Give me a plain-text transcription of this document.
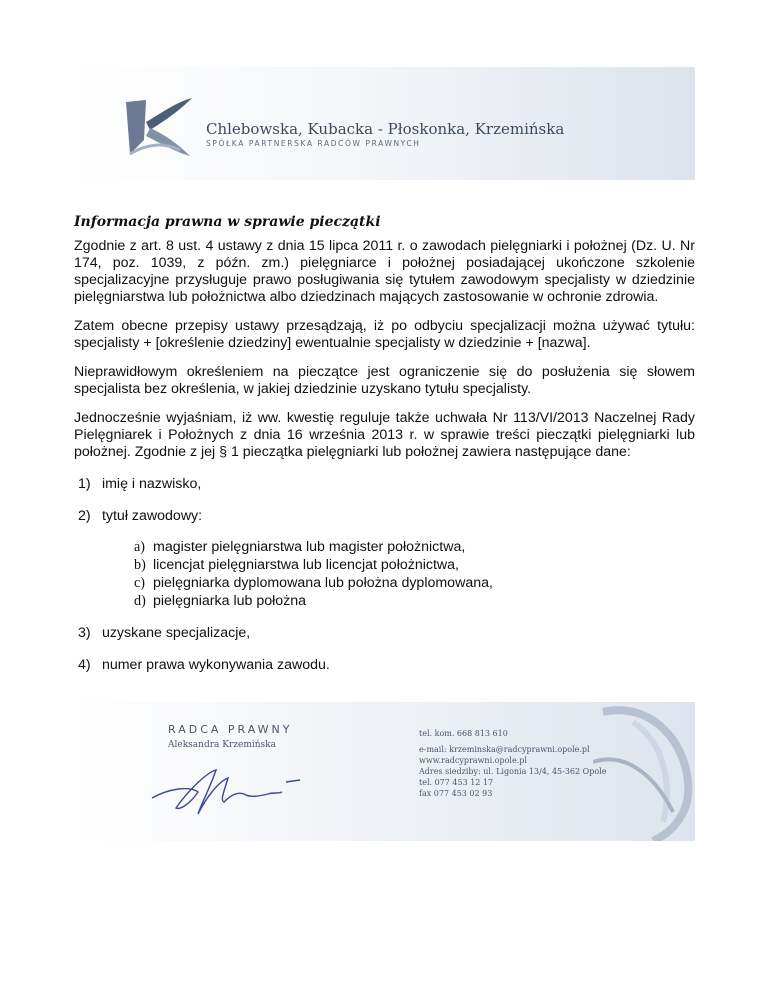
Chlebowska, Kubacka - Płoskonka, Krzemińska
SPÓŁKA PARTNERSKA RADCÓW PRAWNYCH

Informacja prawna w sprawie pieczątki

Zgodnie z art. 8 ust. 4 ustawy z dnia 15 lipca 2011 r. o zawodach pielęgniarki i położnej (Dz. U. Nr 174, poz. 1039, z późn. zm.) pielęgniarce i położnej posiadającej ukończone szkolenie specjalizacyjne przysługuje prawo posługiwania się tytułem zawodowym specjalisty w dziedzinie pielęgniarstwa lub położnictwa albo dziedzinach mających zastosowanie w ochronie zdrowia.

Zatem obecne przepisy ustawy przesądzają, iż po odbyciu specjalizacji można używać tytułu: specjalisty + [określenie dziedziny] ewentualnie specjalisty w dziedzinie + [nazwa].

Nieprawidłowym określeniem na pieczątce jest ograniczenie się do posłużenia się słowem specjalista bez określenia, w jakiej dziedzinie uzyskano tytułu specjalisty.

Jednocześnie wyjaśniam, iż ww. kwestię reguluje także uchwała Nr 113/VI/2013 Naczelnej Rady Pielęgniarek i Położnych z dnia 16 września 2013 r. w sprawie treści pieczątki pielęgniarki lub położnej. Zgodnie z jej § 1 pieczątka pielęgniarki lub położnej zawiera następujące dane:

1) imię i nazwisko,
2) tytuł zawodowy:
a) magister pielęgniarstwa lub magister położnictwa,
b) licencjat pielęgniarstwa lub licencjat położnictwa,
c) pielęgniarka dyplomowana lub położna dyplomowana,
d) pielęgniarka lub położna
3) uzyskane specjalizacje,
4) numer prawa wykonywania zawodu.
RADCA PRAWNY
Aleksandra Krzemińska
tel. kom. 668 813 610
e-mail: krzeminska@radcyprawni.opole.pl
www.radcyprawni.opole.pl
Adres siedziby: ul. Ligonia 13/4, 45-362 Opole
tel. 077 453 12 17
fax 077 453 02 93
